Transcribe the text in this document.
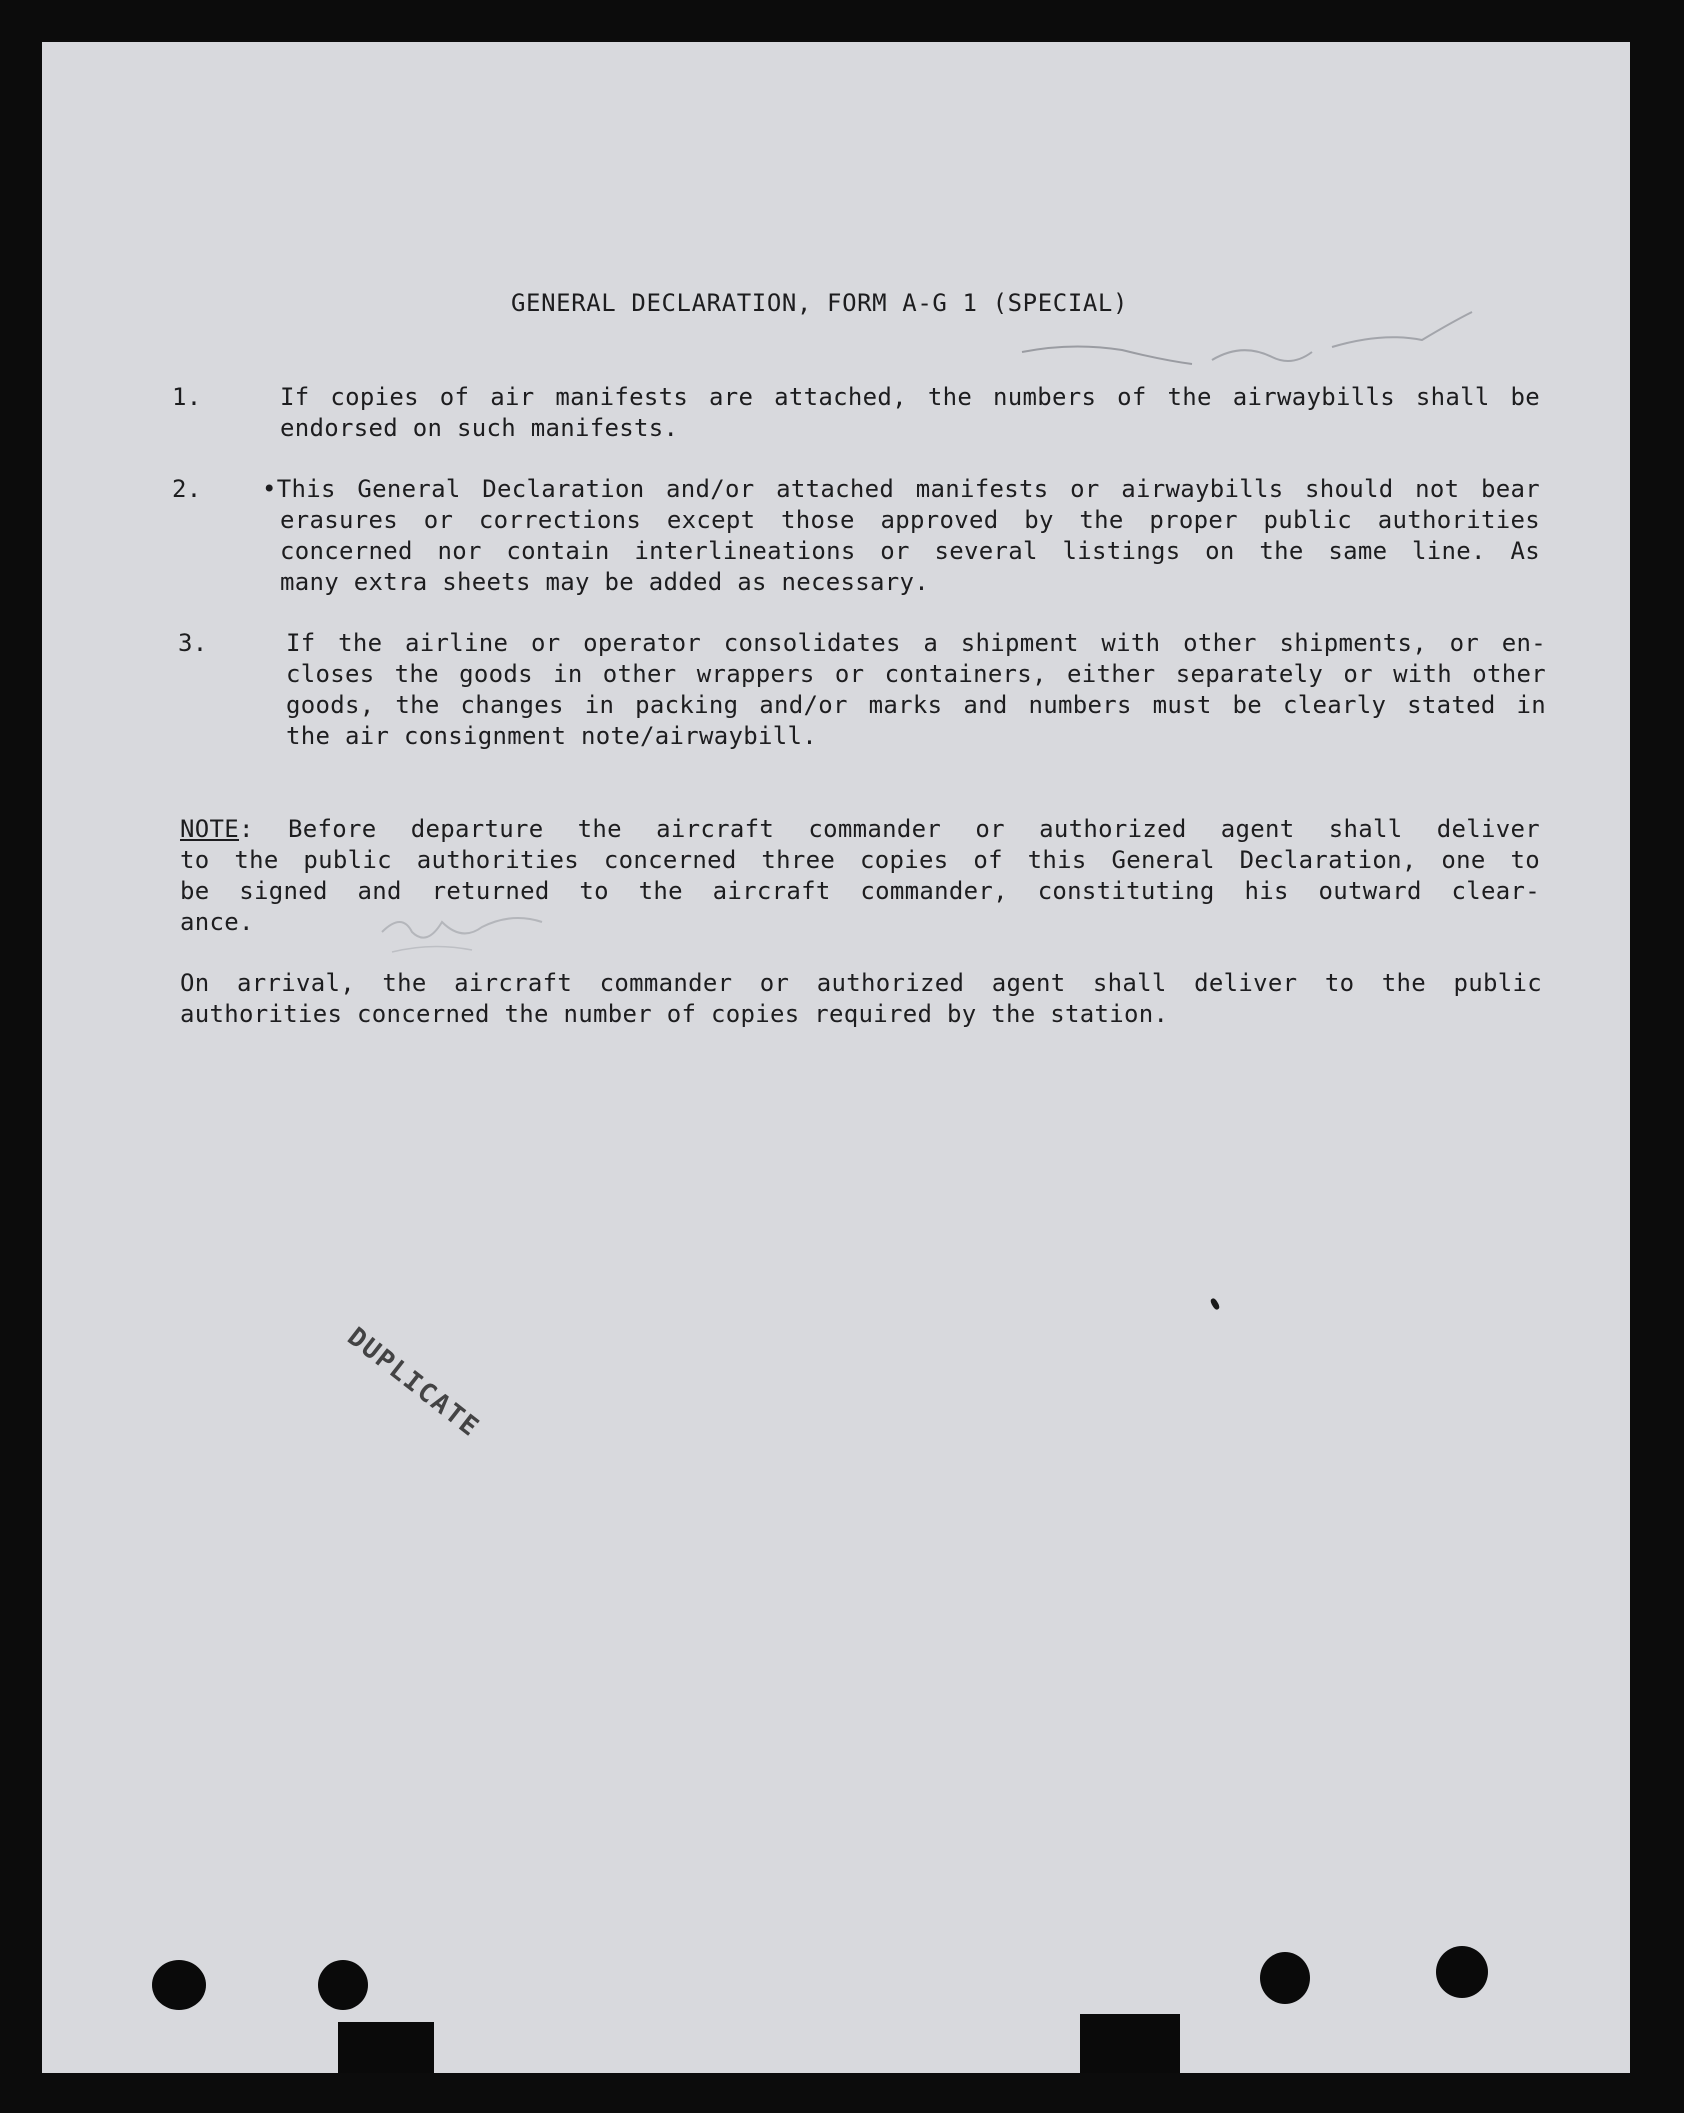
GENERAL DECLARATION, FORM A-G 1 (SPECIAL)
1.	If copies of air manifests are attached, the numbers of the airwaybills shall be
endorsed on such manifests.
2.	•This General Declaration and/or attached manifests or airwaybills should not bear
erasures or corrections except those approved by the proper public authorities
concerned nor contain interlineations or several listings on the same line. As
many extra sheets may be added as necessary.
3.	If the airline or operator consolidates a shipment with other shipments, or en-
closes the goods in other wrappers or containers, either separately or with other
goods, the changes in packing and/or marks and numbers must be clearly stated in
the air consignment note/airwaybill.
NOTE: Before departure the aircraft commander or authorized agent shall deliver
to the public authorities concerned three copies of this General Declaration, one to
be signed and returned to the aircraft commander, constituting his outward clear-
ance.
On arrival, the aircraft commander or authorized agent shall deliver to the public
authorities concerned the number of copies required by the station.
DUPLICATE
